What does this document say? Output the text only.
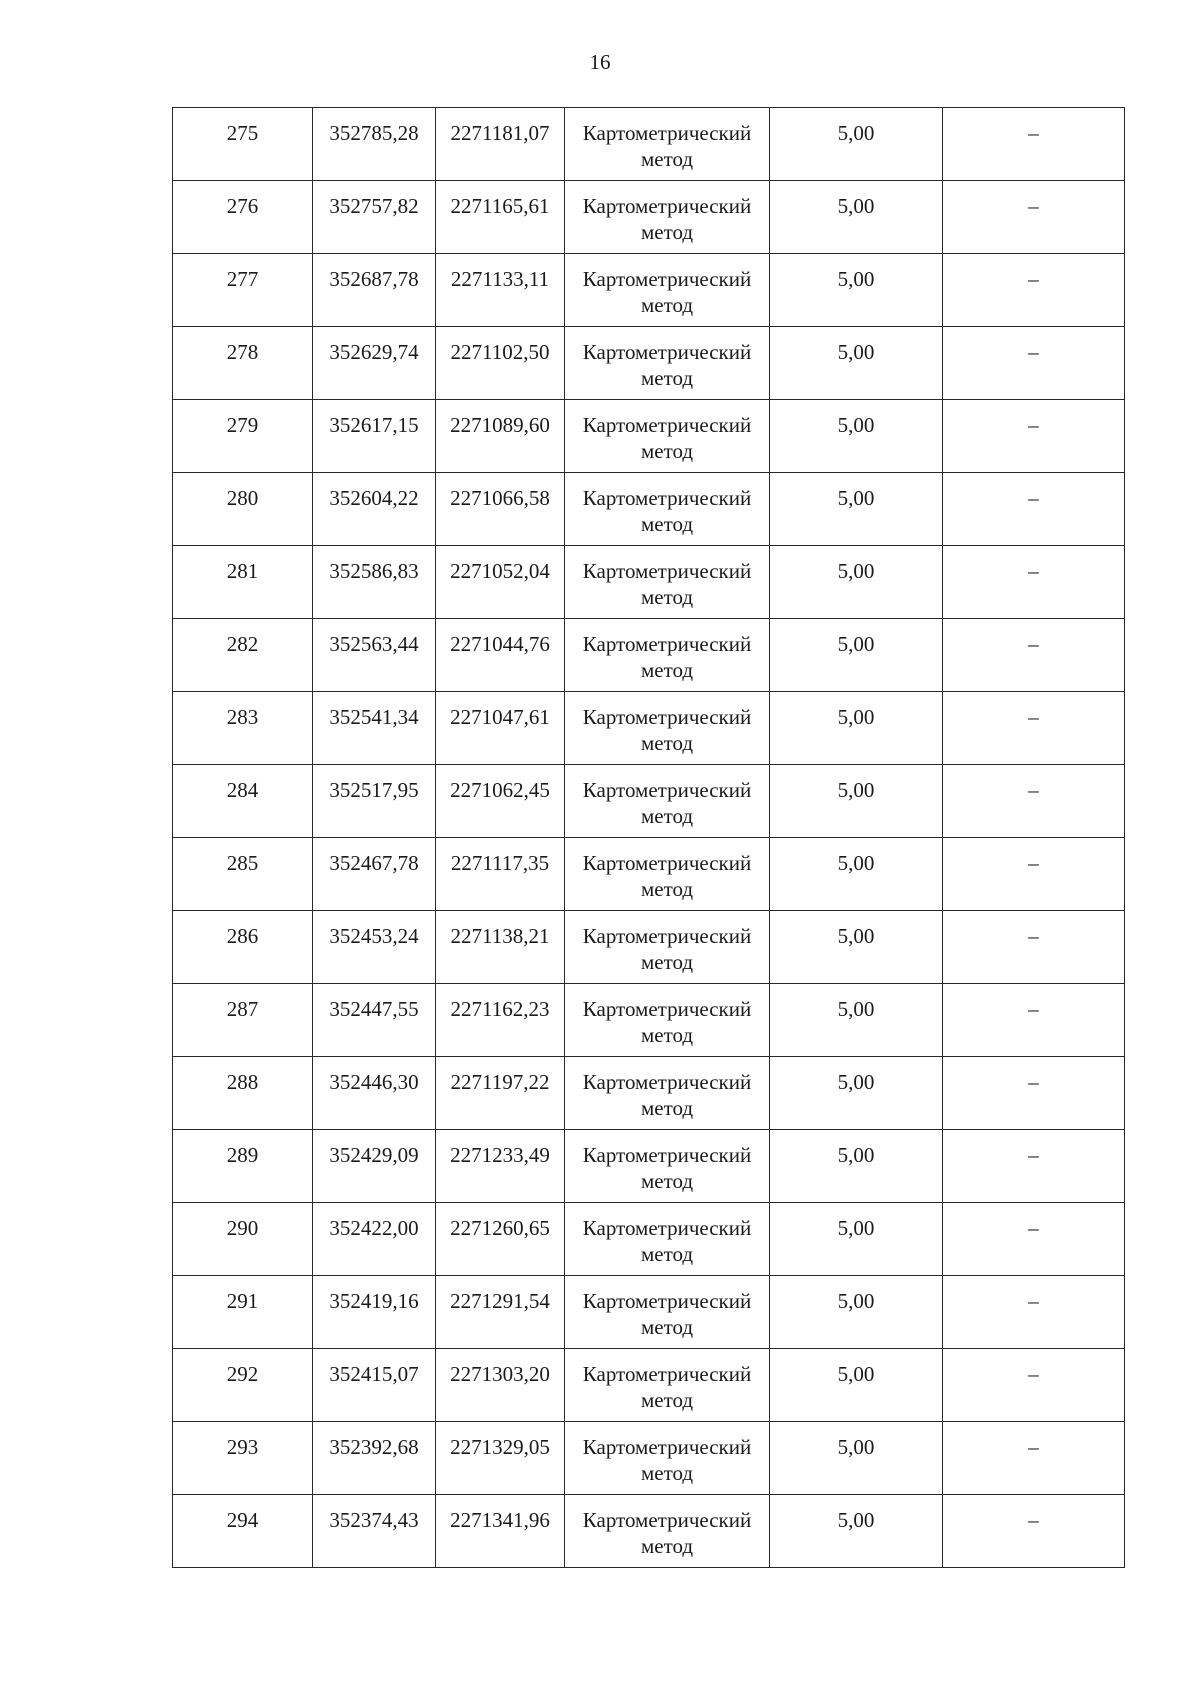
16
275	352785,28	2271181,07	Картометрический метод	5,00	–

276	352757,82	2271165,61	Картометрический метод	5,00	–

277	352687,78	2271133,11	Картометрический метод	5,00	–

278	352629,74	2271102,50	Картометрический метод	5,00	–

279	352617,15	2271089,60	Картометрический метод	5,00	–

280	352604,22	2271066,58	Картометрический метод	5,00	–

281	352586,83	2271052,04	Картометрический метод	5,00	–

282	352563,44	2271044,76	Картометрический метод	5,00	–

283	352541,34	2271047,61	Картометрический метод	5,00	–

284	352517,95	2271062,45	Картометрический метод	5,00	–

285	352467,78	2271117,35	Картометрический метод	5,00	–

286	352453,24	2271138,21	Картометрический метод	5,00	–

287	352447,55	2271162,23	Картометрический метод	5,00	–

288	352446,30	2271197,22	Картометрический метод	5,00	–

289	352429,09	2271233,49	Картометрический метод	5,00	–

290	352422,00	2271260,65	Картометрический метод	5,00	–

291	352419,16	2271291,54	Картометрический метод	5,00	–

292	352415,07	2271303,20	Картометрический метод	5,00	–

293	352392,68	2271329,05	Картометрический метод	5,00	–

294	352374,43	2271341,96	Картометрический метод	5,00	–
